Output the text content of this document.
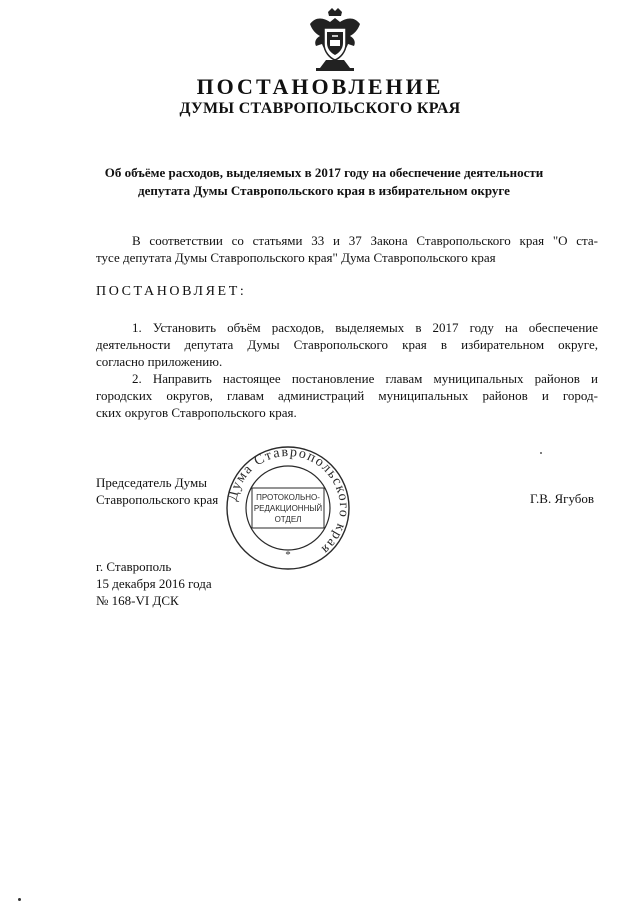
ПОСТАНОВЛЕНИЕ
ДУМЫ СТАВРОПОЛЬСКОГО КРАЯ
Об объёме расходов, выделяемых в 2017 году на обеспечение деятельности
депутата Думы Ставропольского края в избирательном округе
В соответствии со статьями 33 и 37 Закона Ставропольского края "О ста-
тусе депутата Думы Ставропольского края" Дума Ставропольского края
ПОСТАНОВЛЯЕТ:
1. Установить объём расходов, выделяемых в 2017 году на обеспечение
деятельности депутата Думы Ставропольского края в избирательном округе,
согласно приложению.
2. Направить настоящее постановление главам муниципальных районов и
городских округов, главам администраций муниципальных районов и город-
ских округов Ставропольского края.
Председатель Думы
Ставропольского края	Г.В. Ягубов
Дума Ставропольского края
ПРОТОКОЛЬНО-
РЕДАКЦИОННЫЙ
ОТДЕЛ
*
г. Ставрополь
15 декабря 2016 года
№ 168-VI ДСК
